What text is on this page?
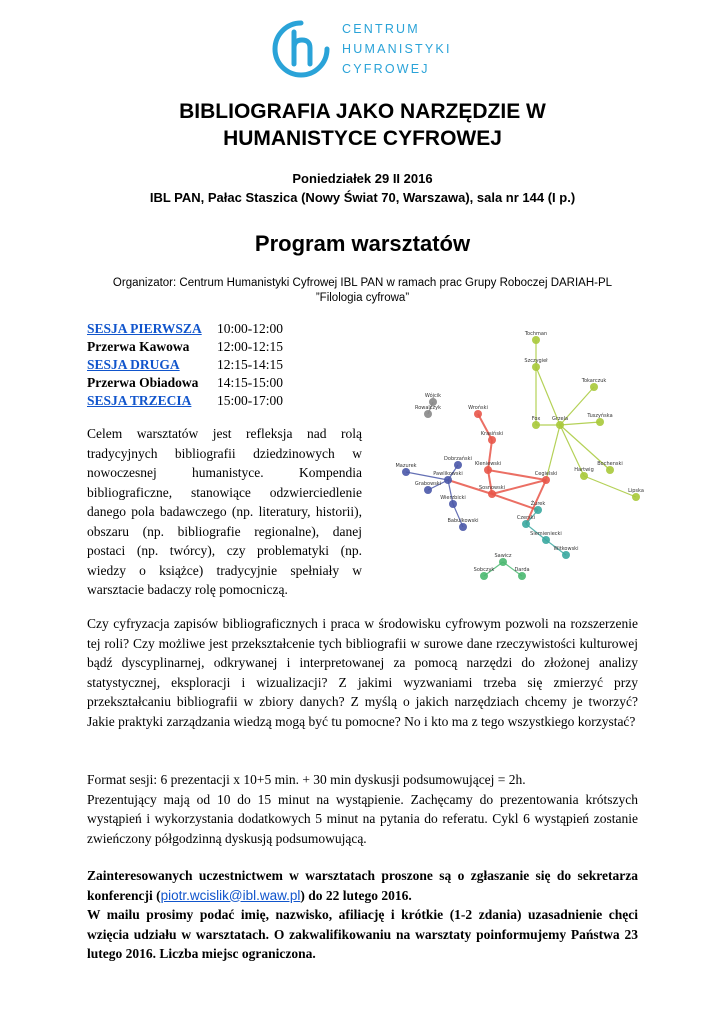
CENTRUM
HUMANISTYKI
CYFROWEJ
BIBLIOGRAFIA JAKO NARZĘDZIE W
HUMANISTYCE CYFROWEJ
Poniedziałek 29 II 2016
IBL PAN, Pałac Staszica (Nowy Świat 70, Warszawa), sala nr 144 (I p.)
Program warsztatów
Organizator: Centrum Humanistyki Cyfrowej IBL PAN w ramach prac Grupy Roboczej DARIAH-PL
”Filologia cyfrowa”
SESJA PIERWSZA	10:00-12:00
Przerwa Kawowa	12:00-12:15
SESJA DRUGA	12:15-14:15
Przerwa Obiadowa	14:15-15:00
SESJA TRZECIA	15:00-17:00
Celem warsztatów jest refleksja nad rolą tradycyjnych bibliografii dziedzinowych w nowoczesnej humanistyce. Kompendia bibliograficzne, stanowiące odzwierciedlenie danego pola badawczego (np. literatury, historii), obszaru (np. bibliografie regionalne), danej postaci (np. twórcy), czy problematyki (np. wiedzy o książce) tradycyjnie spełniały w warsztacie badaczy rolę pomocniczą.
Tochman
Szczygieł
Tokarczuk
Tuszyńska
Grzela
Fox
Bochenski
Hartwig
Lipska
Wroński
Krasiński
Kleniewski
Cegielski
Sosnowski
Wójcik
Rowalczyk
Dobrzański
Mazurek
Pawlikowski
Grabowski
Wierzbicki
Babulkowski
Żurek
Czerski
Siemieniecki
Witkowski
Sawicz
Sobczyk	Darda
Czy cyfryzacja zapisów bibliograficznych i praca w środowisku cyfrowym pozwoli na rozszerzenie tej roli? Czy możliwe jest przekształcenie tych bibliografii w surowe dane rzeczywistości kulturowej bądź dyscyplinarnej, odkrywanej i interpretowanej za pomocą narzędzi do złożonej analizy statystycznej, eksploracji i wizualizacji? Z jakimi wyzwaniami trzeba się zmierzyć przy przekształcaniu bibliografii w zbiory danych? Z myślą o jakich narzędziach chcemy je tworzyć? Jakie praktyki zarządzania wiedzą mogą być tu pomocne? No i kto ma z tego wszystkiego korzystać?
Format sesji: 6 prezentacji x 10+5 min. + 30 min dyskusji podsumowującej = 2h.
Prezentujący mają od 10 do 15 minut na wystąpienie. Zachęcamy do prezentowania krótszych wystąpień i wykorzystania dodatkowych 5 minut na pytania do referatu. Cykl 6 wystąpień zostanie zwieńczony półgodzinną dyskusją podsumowującą.
Zainteresowanych uczestnictwem w warsztatach proszone są o zgłaszanie się do sekretarza konferencji (piotr.wcislik@ibl.waw.pl) do 22 lutego 2016.
W mailu prosimy podać imię, nazwisko, afiliację i krótkie (1-2 zdania) uzasadnienie chęci wzięcia udziału w warsztatach. O zakwalifikowaniu na warsztaty poinformujemy Państwa 23 lutego 2016. Liczba miejsc ograniczona.
